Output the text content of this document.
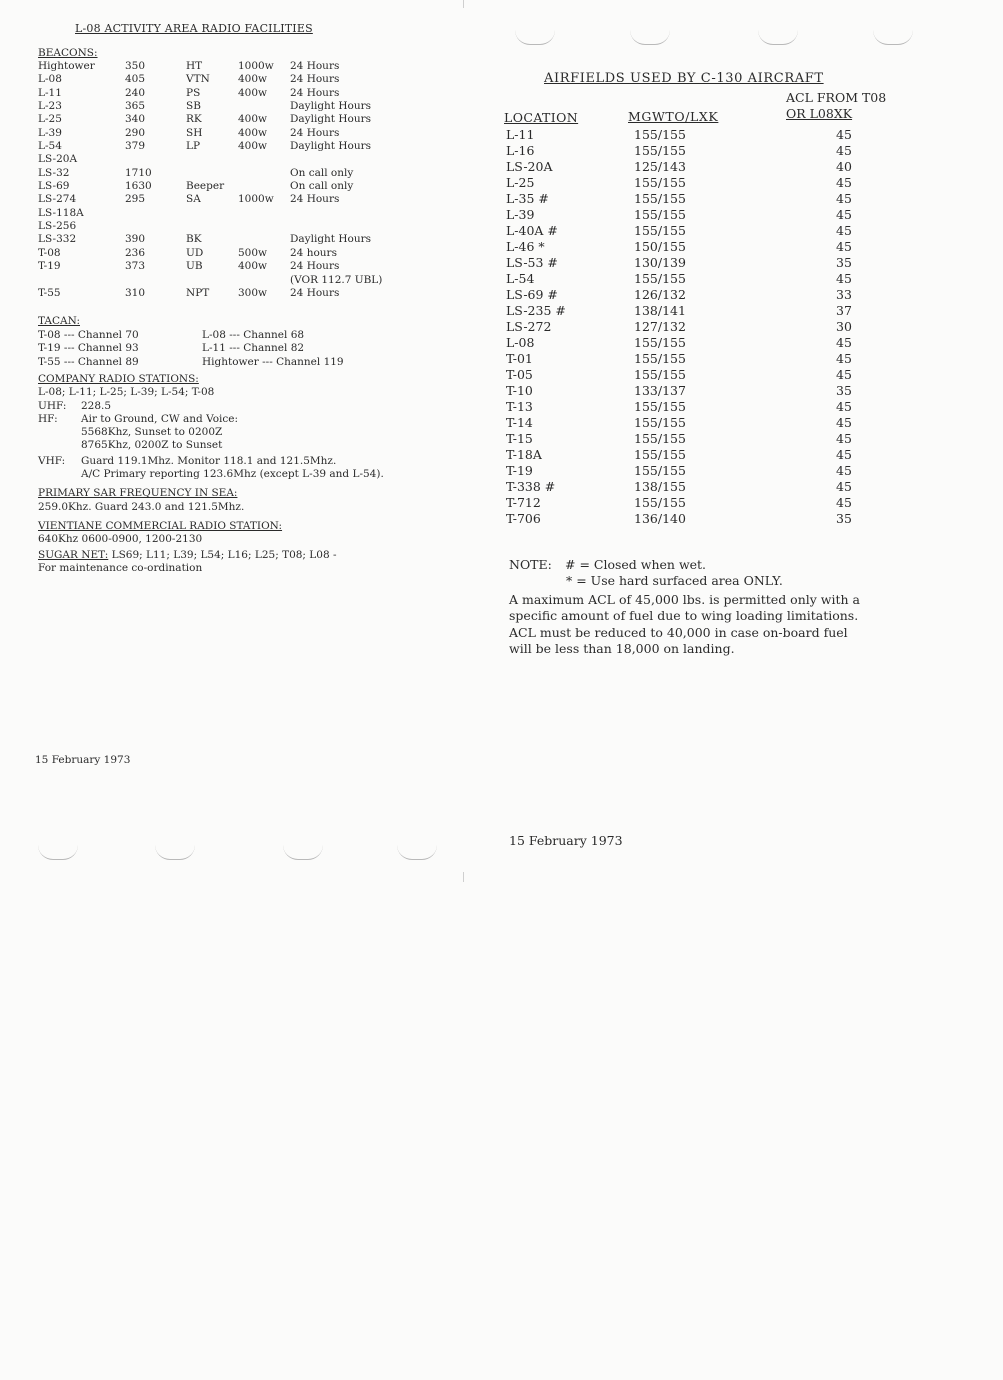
L-08 ACTIVITY AREA RADIO FACILITIES
BEACONS:
Hightower	350	HT	1000w	24 Hours
L-08	405	VTN	400w	24 Hours
L-11	240	PS	400w	24 Hours
L-23	365	SB		Daylight Hours
L-25	340	RK	400w	Daylight Hours
L-39	290	SH	400w	24 Hours
L-54	379	LP	400w	Daylight Hours
LS-20A				
LS-32	1710			On call only
LS-69	1630	Beeper		On call only
LS-274	295	SA	1000w	24 Hours
LS-118A				
LS-256				
LS-332	390	BK		Daylight Hours
T-08	236	UD	500w	24 hours
T-19	373	UB	400w	24 Hours
				(VOR 112.7 UBL)
T-55	310	NPT	300w	24 Hours
TACAN:
T-08 --- Channel 70	L-08 --- Channel 68
T-19 --- Channel 93	L-11 --- Channel 82
T-55 --- Channel 89	Hightower --- Channel 119
COMPANY RADIO STATIONS:
L-08; L-11; L-25; L-39; L-54; T-08
UHF: 228.5
HF: Air to Ground, CW and Voice:
5568Khz, Sunset to 0200Z
8765Khz, 0200Z to Sunset
VHF: Guard 119.1Mhz. Monitor 118.1 and 121.5Mhz.
A/C Primary reporting 123.6Mhz (except L-39 and L-54).
PRIMARY SAR FREQUENCY IN SEA:
259.0Khz. Guard 243.0 and 121.5Mhz.
VIENTIANE COMMERCIAL RADIO STATION:
640Khz 0600-0900, 1200-2130
SUGAR NET: LS69; L11; L39; L54; L16; L25; T08; L08 -
For maintenance co-ordination
15 February 1973
AIRFIELDS USED BY C-130 AIRCRAFT
ACL FROM T08
OR L08XK
LOCATION	MGWTO/LXK
L-11	155/155	45
L-16	155/155	45
LS-20A	125/143	40
L-25	155/155	45
L-35 #	155/155	45
L-39	155/155	45
L-40A #	155/155	45
L-46 *	150/155	45
LS-53 #	130/139	35
L-54	155/155	45
LS-69 #	126/132	33
LS-235 #	138/141	37
LS-272	127/132	30
L-08	155/155	45
T-01	155/155	45
T-05	155/155	45
T-10	133/137	35
T-13	155/155	45
T-14	155/155	45
T-15	155/155	45
T-18A	155/155	45
T-19	155/155	45
T-338 #	138/155	45
T-712	155/155	45
T-706	136/140	35
NOTE: # = Closed when wet.
* = Use hard surfaced area ONLY.
A maximum ACL of 45,000 lbs. is permitted only with a
specific amount of fuel due to wing loading limitations.
ACL must be reduced to 40,000 in case on-board fuel
will be less than 18,000 on landing.
15 February 1973
